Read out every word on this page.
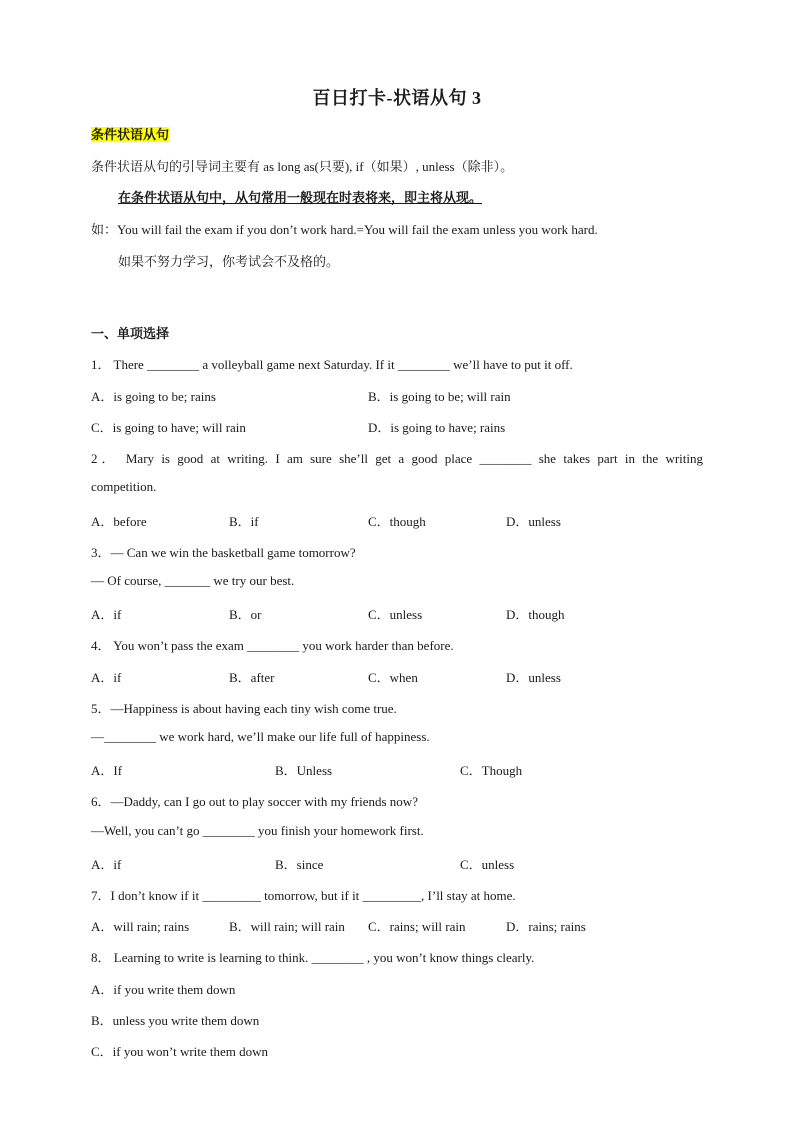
百日打卡-状语从句 3
条件状语从句
条件状语从句的引导词主要有 as long as(只要), if（如果）, unless（除非）。
在条件状语从句中，从句常用一般现在时表将来，即主将从现。
如：You will fail the exam if you don’t work hard.=You will fail the exam unless you work hard.
如果不努力学习，你考试会不及格的。
一、单项选择
1． There ________ a volleyball game next Saturday. If it ________ we’ll have to put it off.
A．is going to be; rains	B．is going to be; will rain
C．is going to have; will rain	D．is going to have; rains
2． Mary is good at writing. I am sure she’ll get a good place ________ she takes part in the writing
competition.
A．before	B．if	C．though	D．unless
3．— Can we win the basketball game tomorrow?
— Of course, _______ we try our best.
A．if	B．or	C．unless	D．though
4． You won’t pass the exam ________ you work harder than before.
A．if	B．after	C．when	D．unless
5．—Happiness is about having each tiny wish come true.
—________ we work hard, we’ll make our life full of happiness.
A．If	B．Unless	C．Though
6．—Daddy, can I go out to play soccer with my friends now?
—Well, you can’t go ________ you finish your homework first.
A．if	B．since	C．unless
7．I don’t know if it _________ tomorrow, but if it _________, I’ll stay at home.
A．will rain; rains	B．will rain; will rain C．rains; will rain	D．rains; rains
8． Learning to write is learning to think. ________ , you won’t know things clearly.
A．if you write them down
B．unless you write them down
C．if you won’t write them down
